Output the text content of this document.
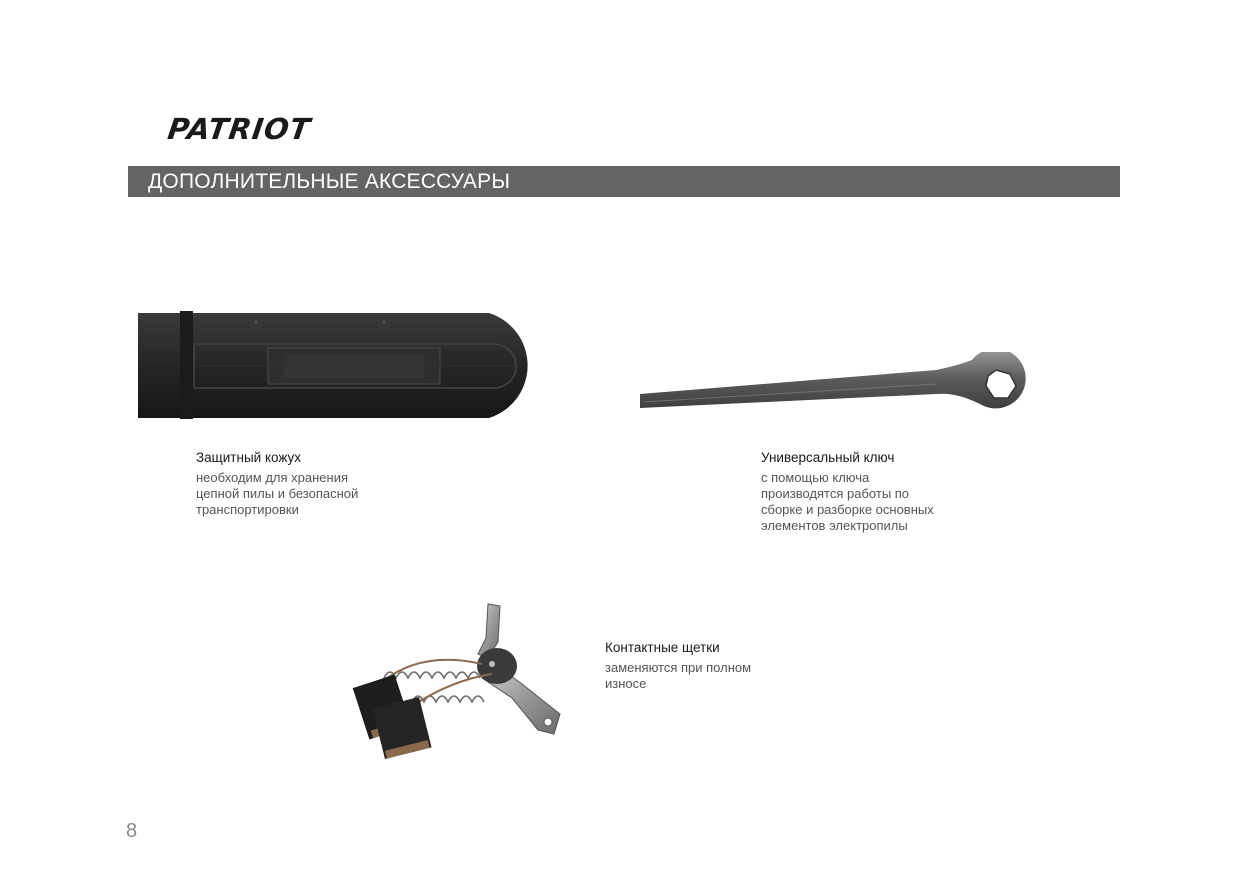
PATRIOT
ДОПОЛНИТЕЛЬНЫЕ АКСЕССУАРЫ
Защитный кожух
необходим для хранения
цепной пилы и безопасной
транспортировки
Универсальный ключ
с помощью ключа
производятся работы по
сборке и разборке основных
элементов электропилы
Контактные щетки
заменяются при полном
износе
8
